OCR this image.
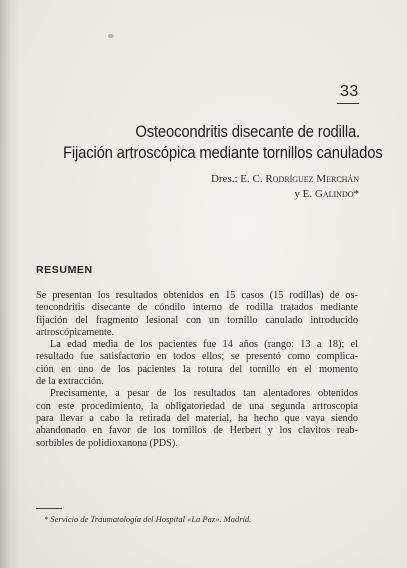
33
Osteocondritis disecante de rodilla.
Fijación artroscópica mediante tornillos canulados
Dres.: E. C. Rodríguez Merchán
y E. Galindo*
RESUMEN
Se presentan los resultados obtenidos en 15 casos (15 rodillas) de os-
teocondritis disecante de cóndilo interno de rodilla tratados mediante
fijación del fragmento lesional con un tornillo canulado introducido
artroscópicamente.
La edad media de los pacientes fue 14 años (rango: 13 a 18); el
resultado fue satisfactorio en todos ellos; se presentó como complica-
ción en uno de los pacientes la rotura del tornillo en el momento
de la extracción.
Precisamente, a pesar de los resultados tan alentadores obtenidos
con este procedimiento, la obligatoriedad de una segunda artroscopia
para llevar a cabo la retirada del material, ha hecho que vaya siendo
abandonado en favor de los tornillos de Herbert y los clavitos reab-
sorbibles de polidioxanona (PDS).
* Servicio de Traumatología del Hospital «La Paz». Madrid.
